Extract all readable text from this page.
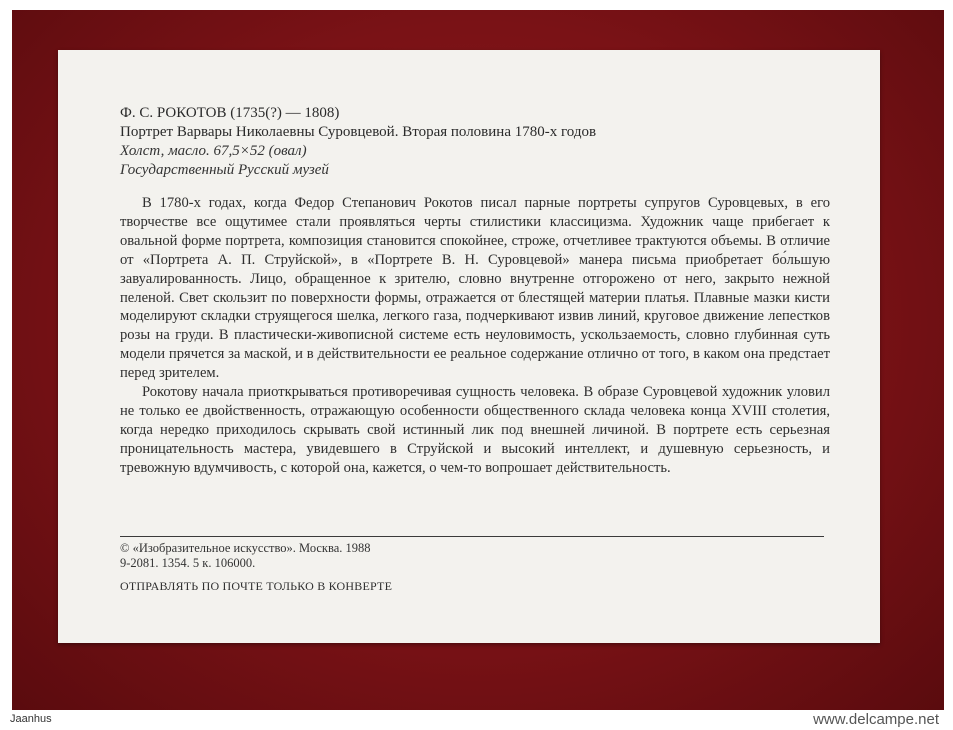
Ф. С. РОКОТОВ (1735(?) — 1808)

Портрет Варвары Николаевны Суровцевой. Вторая половина 1780-х годов

Холст, масло. 67,5×52 (овал)

Государственный Русский музей

В 1780-х годах, когда Федор Степанович Рокотов писал парные портреты супругов Суровцевых, в его творчестве все ощутимее стали проявляться черты стилистики классицизма. Художник чаще прибегает к овальной форме портрета, композиция становится спокойнее, строже, отчетливее трактуются объемы. В отличие от «Портрета А. П. Струйской», в «Портрете В. Н. Суровцевой» манера письма приобретает бо́льшую завуалированность. Лицо, обращенное к зрителю, словно внутренне отгорожено от него, закрыто нежной пеленой. Свет скользит по поверхности формы, отражается от блестящей материи платья. Плавные мазки кисти моделируют складки струящегося шелка, легкого газа, подчеркивают извив линий, круговое движение лепестков розы на груди. В пластически-живописной системе есть неуловимость, ускользаемость, словно глубинная суть модели прячется за маской, и в действительности ее реальное содержание отлично от того, в каком она предстает перед зрителем.

Рокотову начала приоткрываться противоречивая сущность человека. В образе Суровцевой художник уловил не только ее двойственность, отражающую особенности общественного склада человека конца XVIII столетия, когда нередко приходилось скрывать свой истинный лик под внешней личиной. В портрете есть серьезная проницательность мастера, увидевшего в Струйской и высокий интеллект, и душевную серьезность, и тревожную вдумчивость, с которой она, кажется, о чем-то вопрошает действительность.

© «Изобразительное искусство». Москва. 1988

9-2081. 1354. 5 к. 106000.

ОТПРАВЛЯТЬ ПО ПОЧТЕ ТОЛЬКО В КОНВЕРТЕ

Jaanhus	www.delcampe.net
